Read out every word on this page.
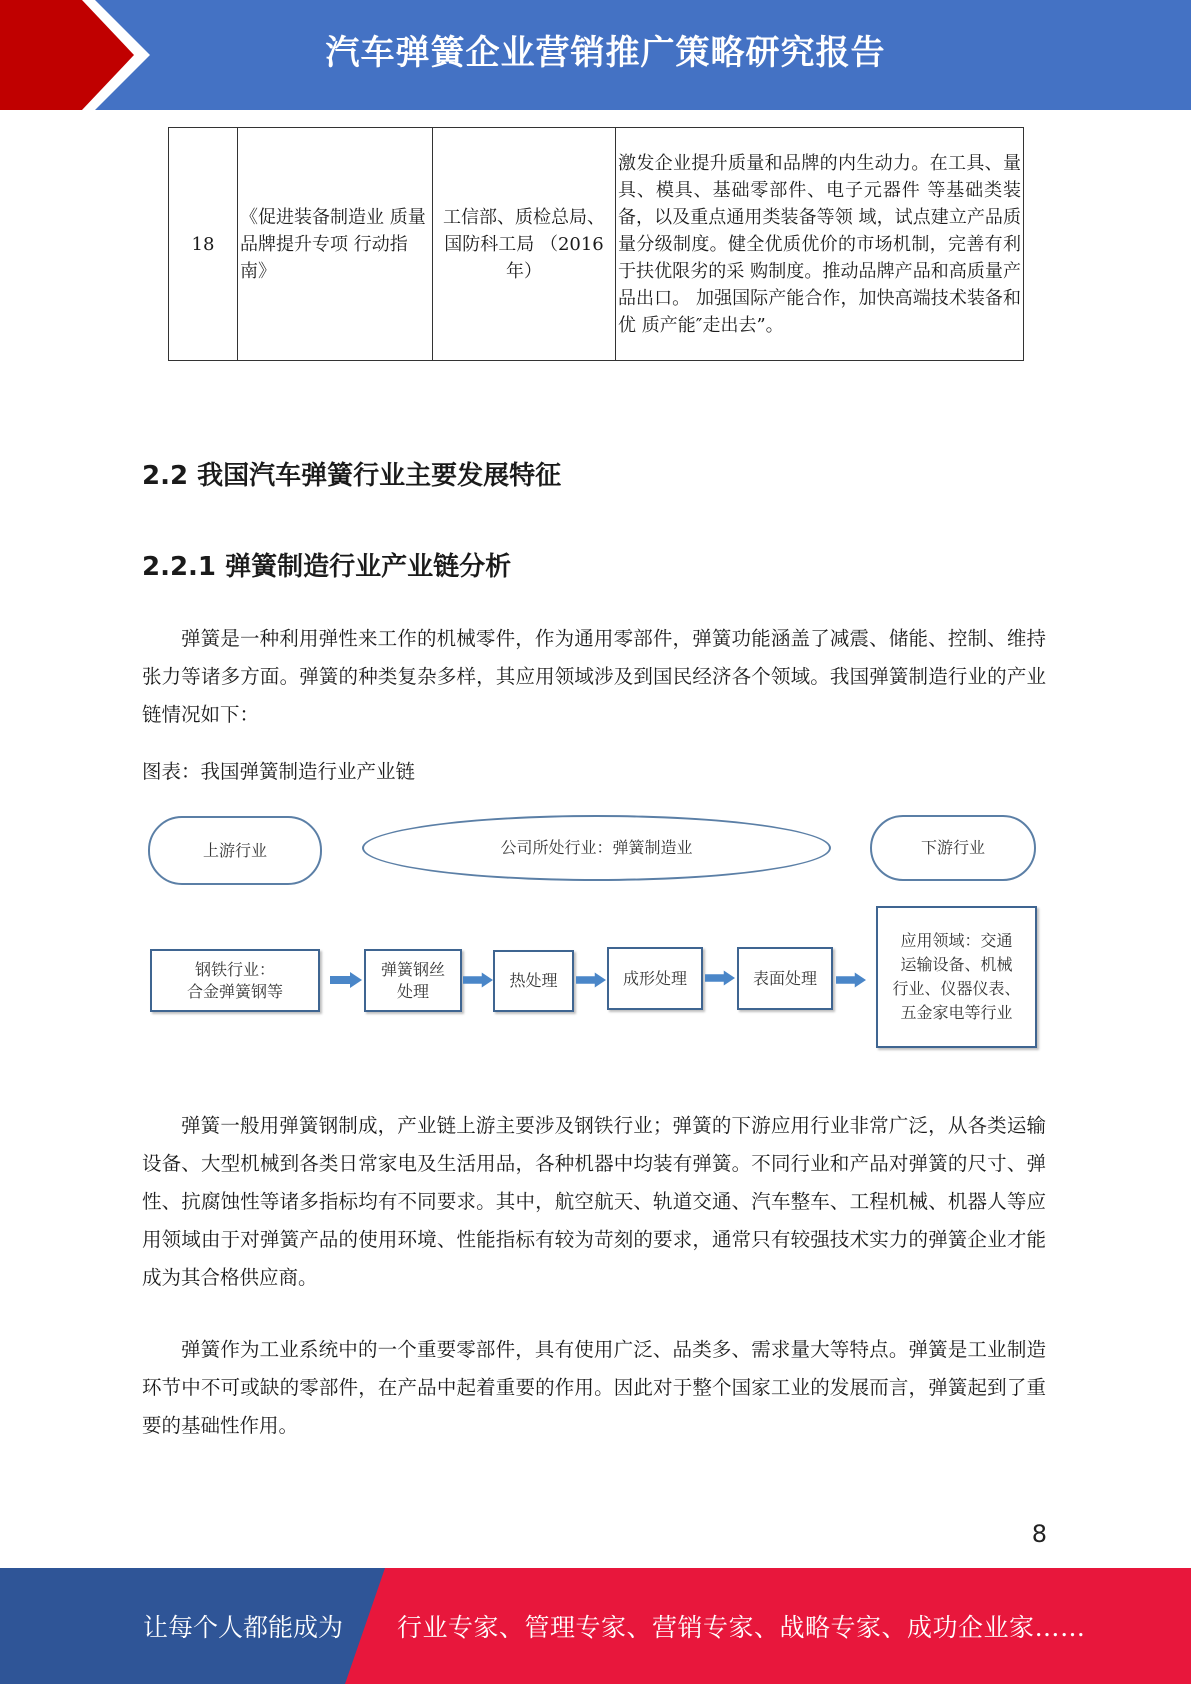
汽车弹簧企业营销推广策略研究报告
18	《促进装备制造业 质量品牌提升专项 行动指南》	工信部、质检总局、国防科工局 （2016 年）	激发企业提升质量和品牌的内生动力。在工具、量具、模具、基础零部件、电子元器件 等基础类装备，以及重点通用类装备等领 域，试点建立产品质量分级制度。健全优质优价的市场机制，完善有利于扶优限劣的采 购制度。推动品牌产品和高质量产品出口。 加强国际产能合作，加快高端技术装备和优 质产能″走出去”。
2.2 我国汽车弹簧行业主要发展特征
2.2.1 弹簧制造行业产业链分析

弹簧是一种利用弹性来工作的机械零件，作为通用零部件，弹簧功能涵盖了减震、储能、控制、维持张力等诸多方面。弹簧的种类复杂多样，其应用领域涉及到国民经济各个领域。我国弹簧制造行业的产业链情况如下：

图表：我国弹簧制造行业产业链
上游行业	公司所处行业：弹簧制造业	下游行业
钢铁行业：
合金弹簧钢等
弹簧钢丝
处理
热处理	成形处理	表面处理
应用领域：交通
运输设备、机械
行业、仪器仪表、
五金家电等行业

弹簧一般用弹簧钢制成，产业链上游主要涉及钢铁行业；弹簧的下游应用行业非常广泛，从各类运输设备、大型机械到各类日常家电及生活用品，各种机器中均装有弹簧。不同行业和产品对弹簧的尺寸、弹性、抗腐蚀性等诸多指标均有不同要求。其中，航空航天、轨道交通、汽车整车、工程机械、机器人等应用领域由于对弹簧产品的使用环境、性能指标有较为苛刻的要求，通常只有较强技术实力的弹簧企业才能成为其合格供应商。

弹簧作为工业系统中的一个重要零部件，具有使用广泛、品类多、需求量大等特点。弹簧是工业制造环节中不可或缺的零部件，在产品中起着重要的作用。因此对于整个国家工业的发展而言，弹簧起到了重要的基础性作用。

8
让每个人都能成为 行业专家、管理专家、营销专家、战略专家、成功企业家……
